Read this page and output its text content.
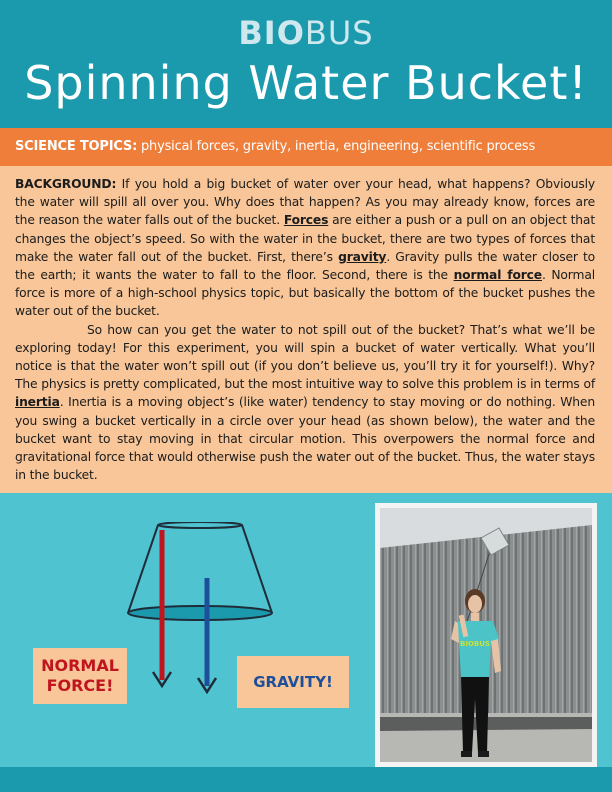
BIOBUS
Spinning Water Bucket!
SCIENCE TOPICS: physical forces, gravity, inertia, engineering, scientific process

BACKGROUND: If you hold a big bucket of water over your head, what happens? Obviously the water will spill all over you. Why does that happen? As you may already know, forces are the reason the water falls out of the bucket. Forces are either a push or a pull on an object that changes the object’s speed. So with the water in the bucket, there are two types of forces that make the water fall out of the bucket. First, there’s gravity. Gravity pulls the water closer to the earth; it wants the water to fall to the floor. Second, there is the normal force. Normal force is more of a high-school physics topic, but basically the bottom of the bucket pushes the water out of the bucket.

So how can you get the water to not spill out of the bucket? That’s what we’ll be exploring today! For this experiment, you will spin a bucket of water vertically. What you’ll notice is that the water won’t spill out (if you don’t believe us, you’ll try it for yourself!). Why? The physics is pretty complicated, but the most intuitive way to solve this problem is in terms of inertia. Inertia is a moving object’s (like water) tendency to stay moving or do nothing. When you swing a bucket vertically in a circle over your head (as shown below), the water and the bucket want to stay moving in that circular motion. This overpowers the normal force and gravitational force that would otherwise push the water out of the bucket. Thus, the water stays in the bucket.

NORMAL
FORCE!	GRAVITY!
BIOBUS
